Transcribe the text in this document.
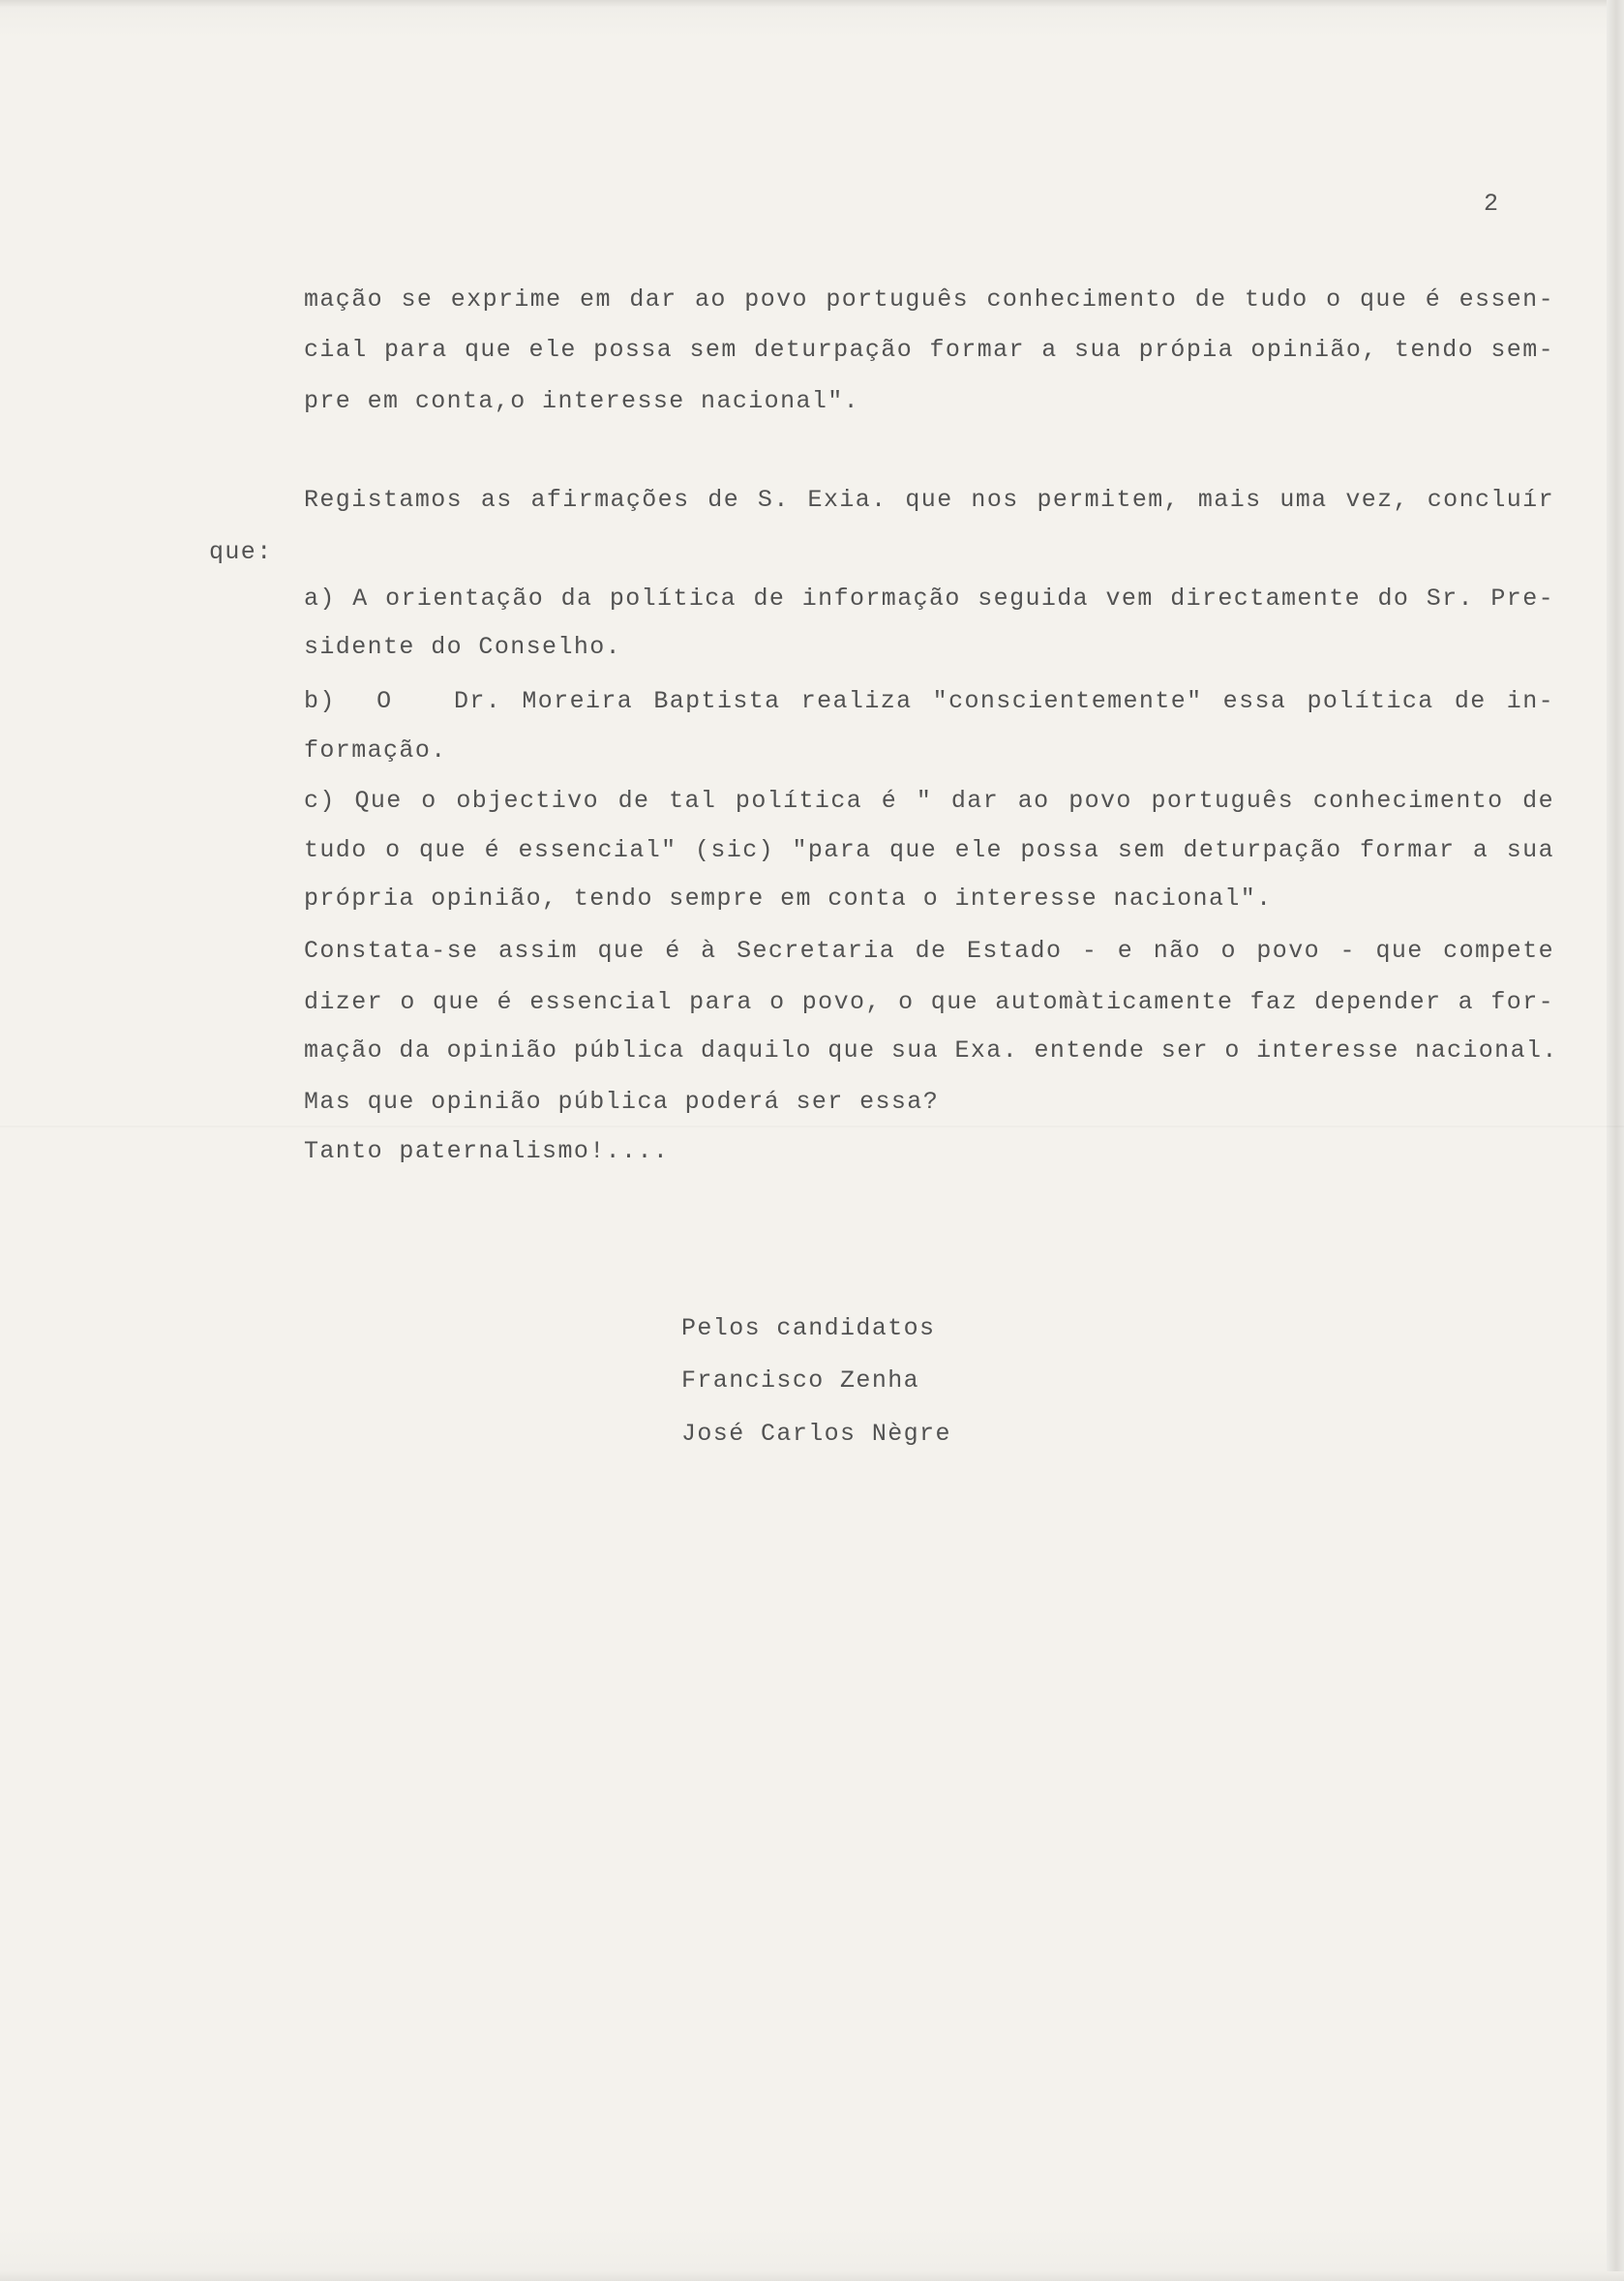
2
mação se exprime em dar ao povo português conhecimento de tudo o que é essen-
cial para que ele possa sem deturpação formar a sua própia opinião, tendo sem-
pre em conta,o interesse nacional".
Registamos as afirmações de S. Exia. que nos permitem, mais uma vez, concluír
que:
a) A orientação da política de informação seguida vem directamente do Sr. Pre-
sidente do Conselho.
b)  O   Dr. Moreira Baptista realiza "conscientemente" essa política de in-
formação.
c) Que o objectivo de tal política é " dar ao povo português conhecimento de
tudo o que é essencial" (sic) "para que ele possa sem deturpação formar a sua
própria opinião, tendo sempre em conta o interesse nacional".
Constata-se assim que é à Secretaria de Estado - e não o povo - que compete
dizer o que é essencial para o povo, o que automàticamente faz depender a for-
mação da opinião pública daquilo que sua Exa. entende ser o interesse nacional.
Mas que opinião pública poderá ser essa?
Tanto paternalismo!....
Pelos candidatos
Francisco Zenha
José Carlos Nègre
